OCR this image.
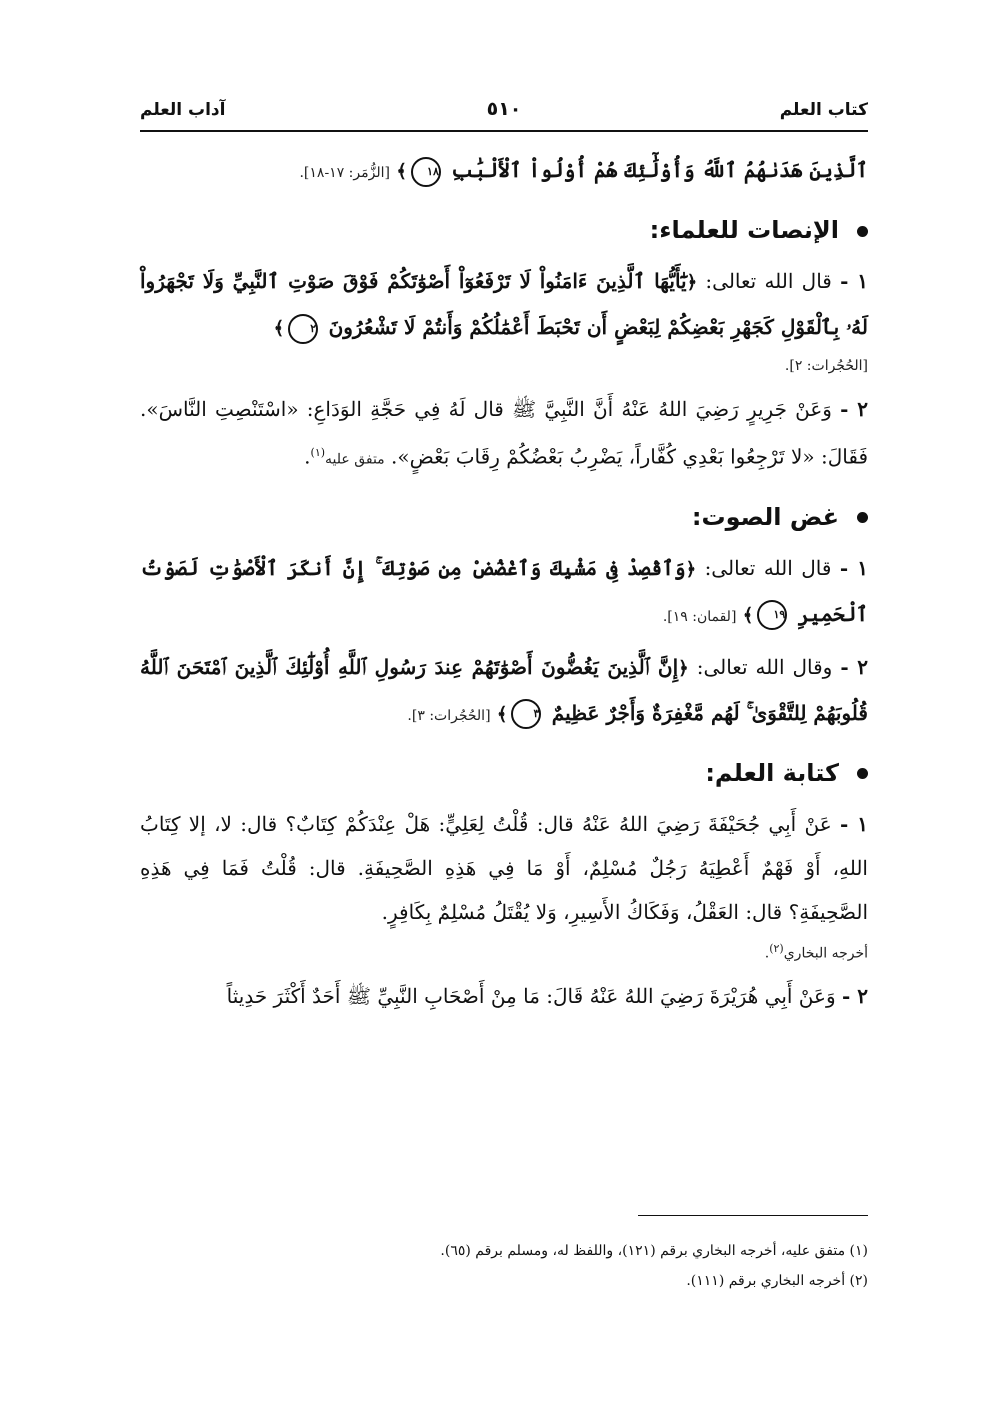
كتاب العلم
٥١٠
آداب العلم

ٱلَّذِينَ هَدَىٰهُمُ ٱللَّهُ وَأُوْلَٰٓئِكَ هُمْ أُوْلُواْ ٱلْأَلْبَٰبِ ١٨﴾ [الزُّمَر: ١٧-١٨].

الإنصات للعلماء:

١ - قال الله تعالى: ﴿يَٰٓأَيُّهَا ٱلَّذِينَ ءَامَنُواْ لَا تَرْفَعُوٓاْ أَصْوَٰتَكُمْ فَوْقَ صَوْتِ ٱلنَّبِيِّ وَلَا تَجْهَرُواْ لَهُۥ بِٱلْقَوْلِ كَجَهْرِ بَعْضِكُمْ لِبَعْضٍ أَن تَحْبَطَ أَعْمَٰلُكُمْ وَأَنتُمْ لَا تَشْعُرُونَ ٢﴾

[الحُجُرات: ٢].

٢ - وَعَنْ جَرِيرٍ رَضِيَ اللهُ عَنْهُ أَنَّ النَّبِيَّ ﷺ قال لَهُ فِي حَجَّةِ الوَدَاعِ: «اسْتَنْصِتِ النَّاسَ». فَقَالَ: «لا تَرْجِعُوا بَعْدِي كُفَّاراً، يَضْرِبُ بَعْضُكُمْ رِقَابَ بَعْضٍ». متفق عليه$^{(١)}$.

غض الصوت:

١ - قال الله تعالى: ﴿وَٱقْصِدْ فِى مَشْيِكَ وَٱغْضُضْ مِن صَوْتِكَ ۚ إِنَّ أَنكَرَ ٱلْأَصْوَٰتِ لَصَوْتُ ٱلْحَمِيرِ ١٩﴾ [لقمان: ١٩].

٢ - وقال الله تعالى: ﴿إِنَّ ٱلَّذِينَ يَغُضُّونَ أَصْوَٰتَهُمْ عِندَ رَسُولِ ٱللَّهِ أُوْلَٰٓئِكَ ٱلَّذِينَ ٱمْتَحَنَ ٱللَّهُ قُلُوبَهُمْ لِلتَّقْوَىٰ ۚ لَهُم مَّغْفِرَةٌ وَأَجْرٌ عَظِيمٌ ٣﴾ [الحُجُرات: ٣].

كتابة العلم:

١ - عَنْ أَبِي جُحَيْفَةَ رَضِيَ اللهُ عَنْهُ قال: قُلْتُ لِعَلِيٍّ: هَلْ عِنْدَكُمْ كِتَابٌ؟ قال: لا، إلا كِتَابُ اللهِ، أَوْ فَهْمٌ أَعْطِيَهُ رَجُلٌ مُسْلِمٌ، أَوْ مَا فِي هَذِهِ الصَّحِيفَةِ. قال: قُلْتُ فَمَا فِي هَذِهِ الصَّحِيفَةِ؟ قال: العَقْلُ، وَفَكَاكُ الأَسِيرِ، وَلا يُقْتَلُ مُسْلِمٌ بِكَافِرٍ.

أخرجه البخاري$^{(٢)}$.

٢ - وَعَنْ أَبِي هُرَيْرَةَ رَضِيَ اللهُ عَنْهُ قَالَ: مَا مِنْ أَصْحَابِ النَّبِيِّ ﷺ أَحَدٌ أَكْثَرَ حَدِيثاً

(١) متفق عليه، أخرجه البخاري برقم (١٢١)، واللفظ له، ومسلم برقم (٦٥).
(٢) أخرجه البخاري برقم (١١١).
